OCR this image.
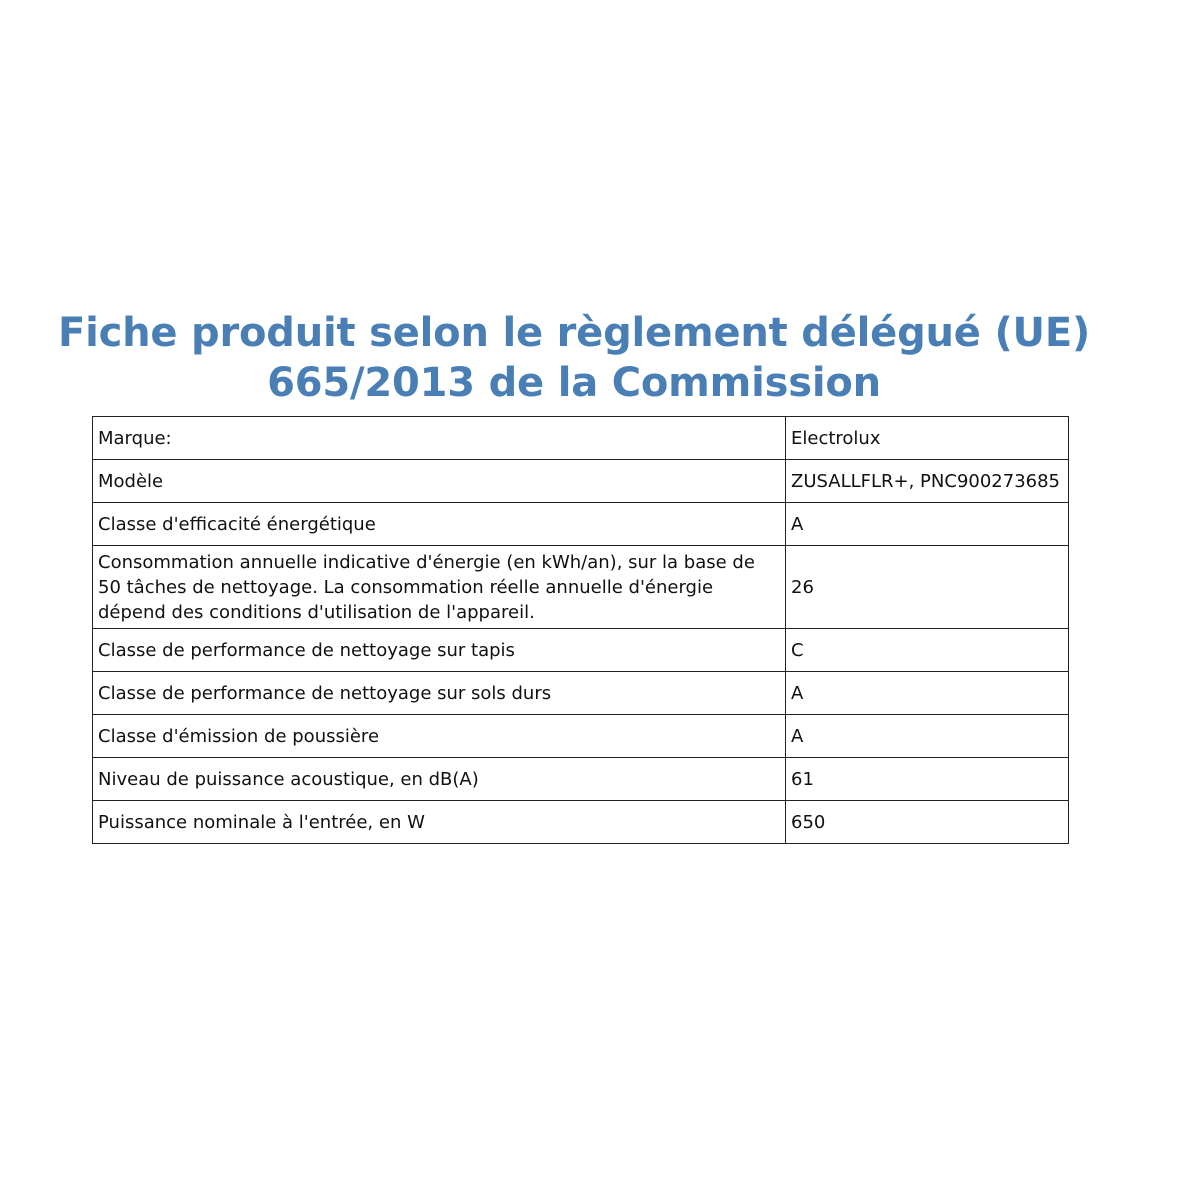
Fiche produit selon le règlement délégué (UE)
665/2013 de la Commission
Marque:	Electrolux
Modèle	ZUSALLFLR+, PNC900273685
Classe d'efficacité énergétique	A
Consommation annuelle indicative d'énergie (en kWh/an), sur la base de 50 tâches de nettoyage. La consommation réelle annuelle d'énergie dépend des conditions d'utilisation de l'appareil.	26
Classe de performance de nettoyage sur tapis	C
Classe de performance de nettoyage sur sols durs	A
Classe d'émission de poussière	A
Niveau de puissance acoustique, en dB(A)	61
Puissance nominale à l'entrée, en W	650
